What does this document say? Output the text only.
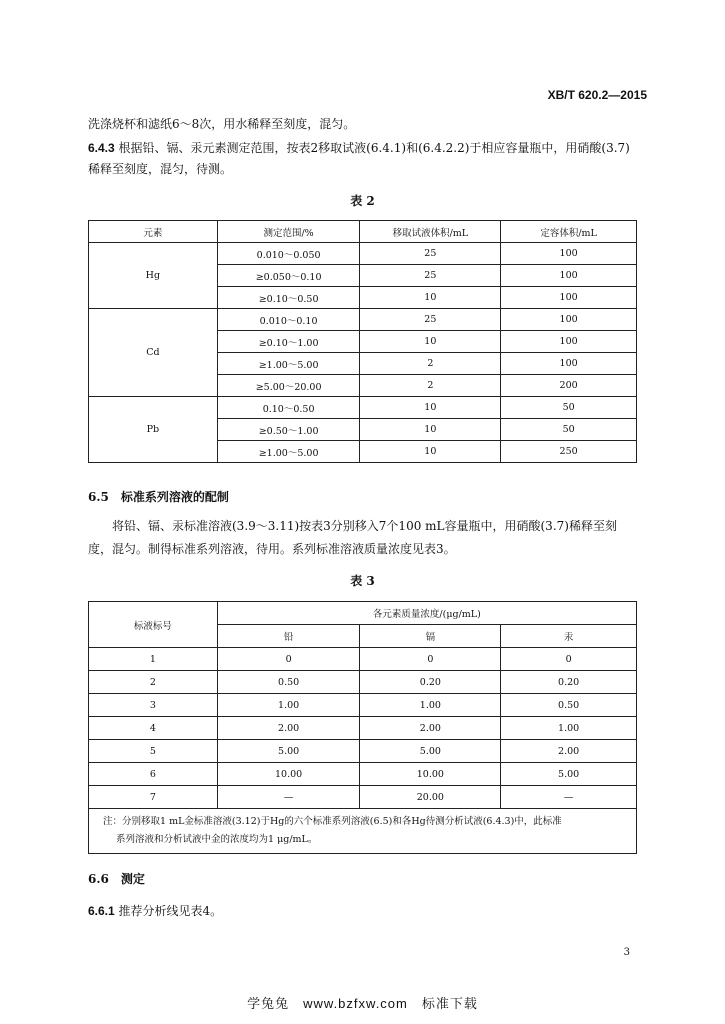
XB/T 620.2—2015
洗涤烧杯和滤纸6～8次，用水稀释至刻度，混匀。
6.4.3 根据铅、镉、汞元素测定范围，按表2移取试液(6.4.1)和(6.4.2.2)于相应容量瓶中，用硝酸(3.7)
稀释至刻度，混匀，待测。
表 2
元素	测定范围/%	移取试液体积/mL	定容体积/mL
Hg	0.010～0.050	25	100
	≥0.050～0.10	25	100
	≥0.10～0.50	10	100
Cd	0.010～0.10	25	100
	≥0.10～1.00	10	100
	≥1.00～5.00	2	100
	≥5.00～20.00	2	200
Pb	0.10～0.50	10	50
	≥0.50～1.00	10	50
	≥1.00～5.00	10	250
6.5　标准系列溶液的配制
将铅、镉、汞标准溶液(3.9～3.11)按表3分别移入7个100 mL容量瓶中，用硝酸(3.7)稀释至刻
度，混匀。制得标准系列溶液，待用。系列标准溶液质量浓度见表3。
表 3
标液标号	各元素质量浓度/(μg/mL)		
	铅	镉	汞
1	0	0	0
2	0.50	0.20	0.20
3	1.00	1.00	0.50
4	2.00	2.00	1.00
5	5.00	5.00	2.00
6	10.00	10.00	5.00
7	—	20.00	—
注：分别移取1 mL金标准溶液(3.12)于Hg的六个标准系列溶液(6.5)和各Hg待测分析试液(6.4.3)中，此标准
系列溶液和分析试液中金的浓度均为1 μg/mL。			
6.6　测定
6.6.1 推荐分析线见表4。
3
学兔兔　www.bzfxw.com　标准下载
